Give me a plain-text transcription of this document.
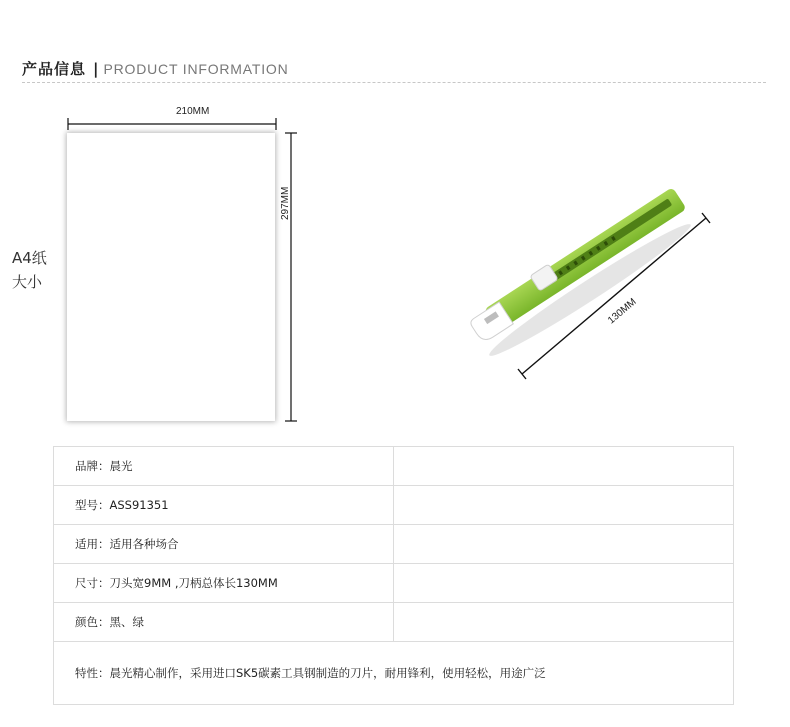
产品信息 | PRODUCT INFORMATION
210MM
297MM
A4纸
大小
130MM
品牌：晨光	
型号：ASS91351	
适用：适用各种场合	
尺寸：刀头宽9MM ,刀柄总体长130MM	
颜色：黑、绿	
特性：晨光精心制作，采用进口SK5碳素工具钢制造的刀片，耐用锋利，使用轻松，用途广泛	
